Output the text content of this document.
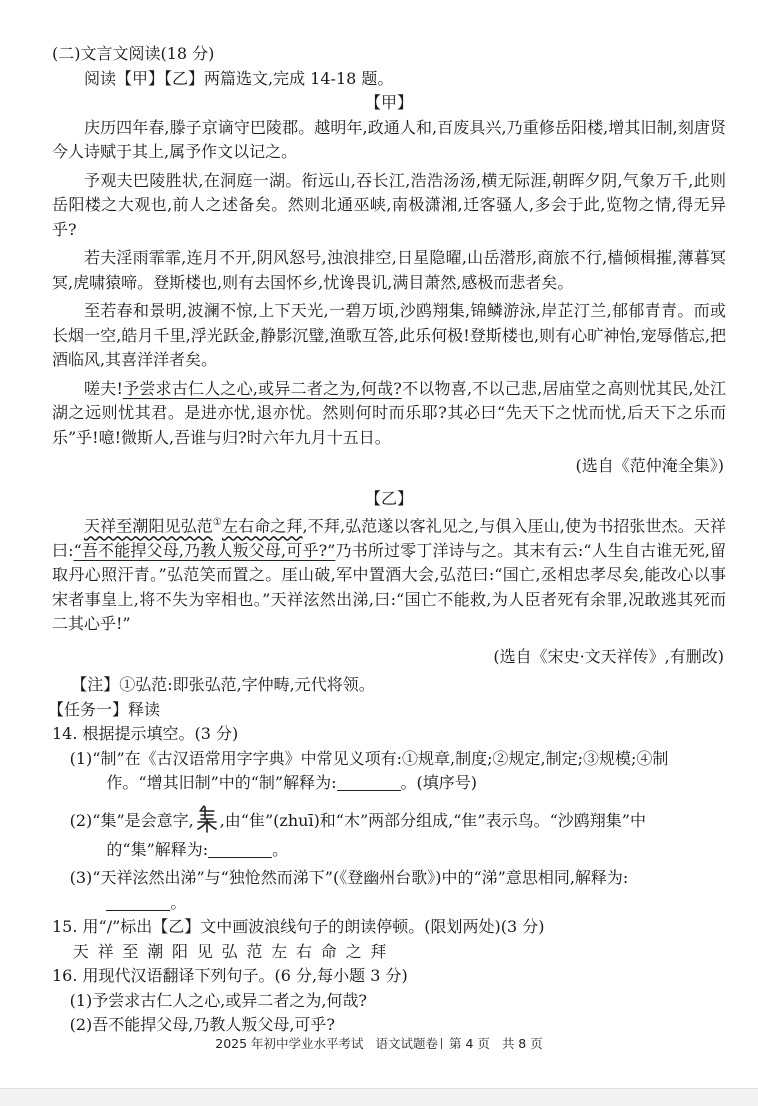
(二)文言文阅读(18 分)

阅读【甲】【乙】两篇选文,完成 14-18 题。

【甲】

庆历四年春,滕子京谪守巴陵郡。越明年,政通人和,百废具兴,乃重修岳阳楼,增其旧制,刻唐贤今人诗赋于其上,属予作文以记之。

予观夫巴陵胜状,在洞庭一湖。衔远山,吞长江,浩浩汤汤,横无际涯,朝晖夕阴,气象万千,此则岳阳楼之大观也,前人之述备矣。然则北通巫峡,南极潇湘,迁客骚人,多会于此,览物之情,得无异乎?

若夫淫雨霏霏,连月不开,阴风怒号,浊浪排空,日星隐曜,山岳潜形,商旅不行,樯倾楫摧,薄暮冥冥,虎啸猿啼。登斯楼也,则有去国怀乡,忧谗畏讥,满目萧然,感极而悲者矣。

至若春和景明,波澜不惊,上下天光,一碧万顷,沙鸥翔集,锦鳞游泳,岸芷汀兰,郁郁青青。而或长烟一空,皓月千里,浮光跃金,静影沉璧,渔歌互答,此乐何极!登斯楼也,则有心旷神怡,宠辱偕忘,把酒临风,其喜洋洋者矣。

嗟夫!予尝求古仁人之心,或异二者之为,何哉?不以物喜,不以己悲,居庙堂之高则忧其民,处江湖之远则忧其君。是进亦忧,退亦忧。然则何时而乐耶?其必曰“先天下之忧而忧,后天下之乐而乐”乎!噫!微斯人,吾谁与归?时六年九月十五日。

(选自《范仲淹全集》)

【乙】

天祥至潮阳见弘范①左右命之拜,不拜,弘范遂以客礼见之,与俱入厓山,使为书招张世杰。天祥曰:“吾不能捍父母,乃教人叛父母,可乎?”乃书所过零丁洋诗与之。其末有云:“人生自古谁无死,留取丹心照汗青。”弘范笑而置之。厓山破,军中置酒大会,弘范曰:“国亡,丞相忠孝尽矣,能改心以事宋者事皇上,将不失为宰相也。”天祥泫然出涕,曰:“国亡不能救,为人臣者死有余罪,况敢逃其死而二其心乎!”

(选自《宋史·文天祥传》,有删改)

【注】①弘范:即张弘范,字仲畴,元代将领。

【任务一】释读

14. 根据提示填空。(3 分)

(1)“制”在《古汉语常用字字典》中常见义项有:①规章,制度;②规定,制定;③规模;④制

作。“增其旧制”中的“制”解释为:	。(填序号)

(2)“集”是会意字, ,由“隹”(zhuī)和“木”两部分组成,“隹”表示鸟。“沙鸥翔集”中

的“集”解释为:	。

(3)“天祥泫然出涕”与“独怆然而涕下”(《登幽州台歌》)中的“涕”意思相同,解释为:

。

15. 用“/”标出【乙】文中画波浪线句子的朗读停顿。(限划两处)(3 分)

天祥至潮阳见弘范左右命之拜

16. 用现代汉语翻译下列句子。(6 分,每小题 3 分)

(1)予尝求古仁人之心,或异二者之为,何哉?

(2)吾不能捍父母,乃教人叛父母,可乎?

2025 年初中学业水平考试 语文试题卷 第 4 页 共 8 页
